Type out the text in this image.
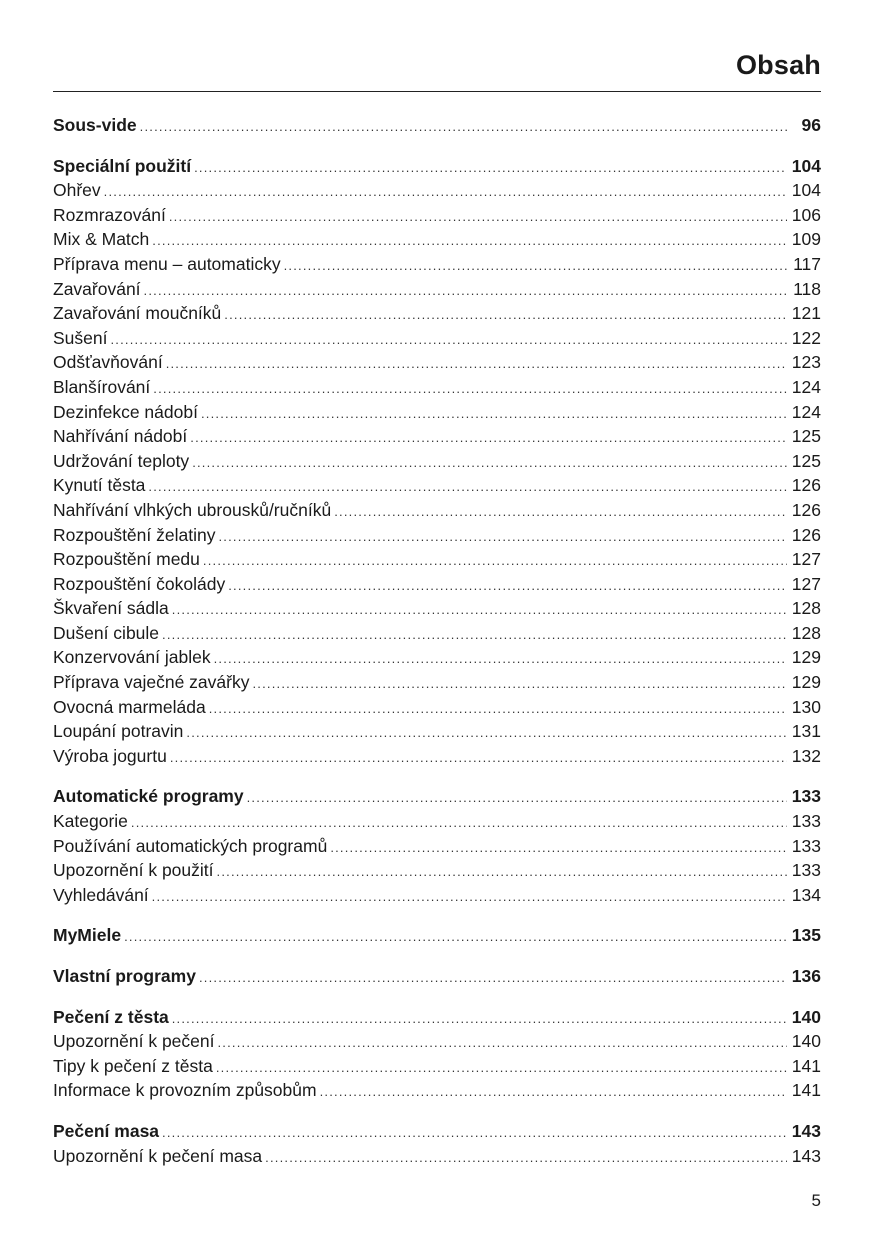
Obsah
Sous-vide .....	96
Speciální použití .....	104
Ohřev .....	104
Rozmrazování .....	106
Mix & Match .....	109
Příprava menu – automaticky .....	117
Zavařování .....	118
Zavařování moučníků .....	121
Sušení .....	122
Odšťavňování .....	123
Blanšírování .....	124
Dezinfekce nádobí .....	124
Nahřívání nádobí .....	125
Udržování teploty .....	125
Kynutí těsta .....	126
Nahřívání vlhkých ubrousků/ručníků .....	126
Rozpouštění želatiny .....	126
Rozpouštění medu .....	127
Rozpouštění čokolády .....	127
Škvaření sádla .....	128
Dušení cibule .....	128
Konzervování jablek .....	129
Příprava vaječné zavářky .....	129
Ovocná marmeláda .....	130
Loupání potravin .....	131
Výroba jogurtu .....	132
Automatické programy .....	133
Kategorie .....	133
Používání automatických programů .....	133
Upozornění k použití .....	133
Vyhledávání .....	134
MyMiele .....	135
Vlastní programy .....	136
Pečení z těsta .....	140
Upozornění k pečení .....	140
Tipy k pečení z těsta .....	141
Informace k provozním způsobům .....	141
Pečení masa .....	143
Upozornění k pečení masa .....	143
5
